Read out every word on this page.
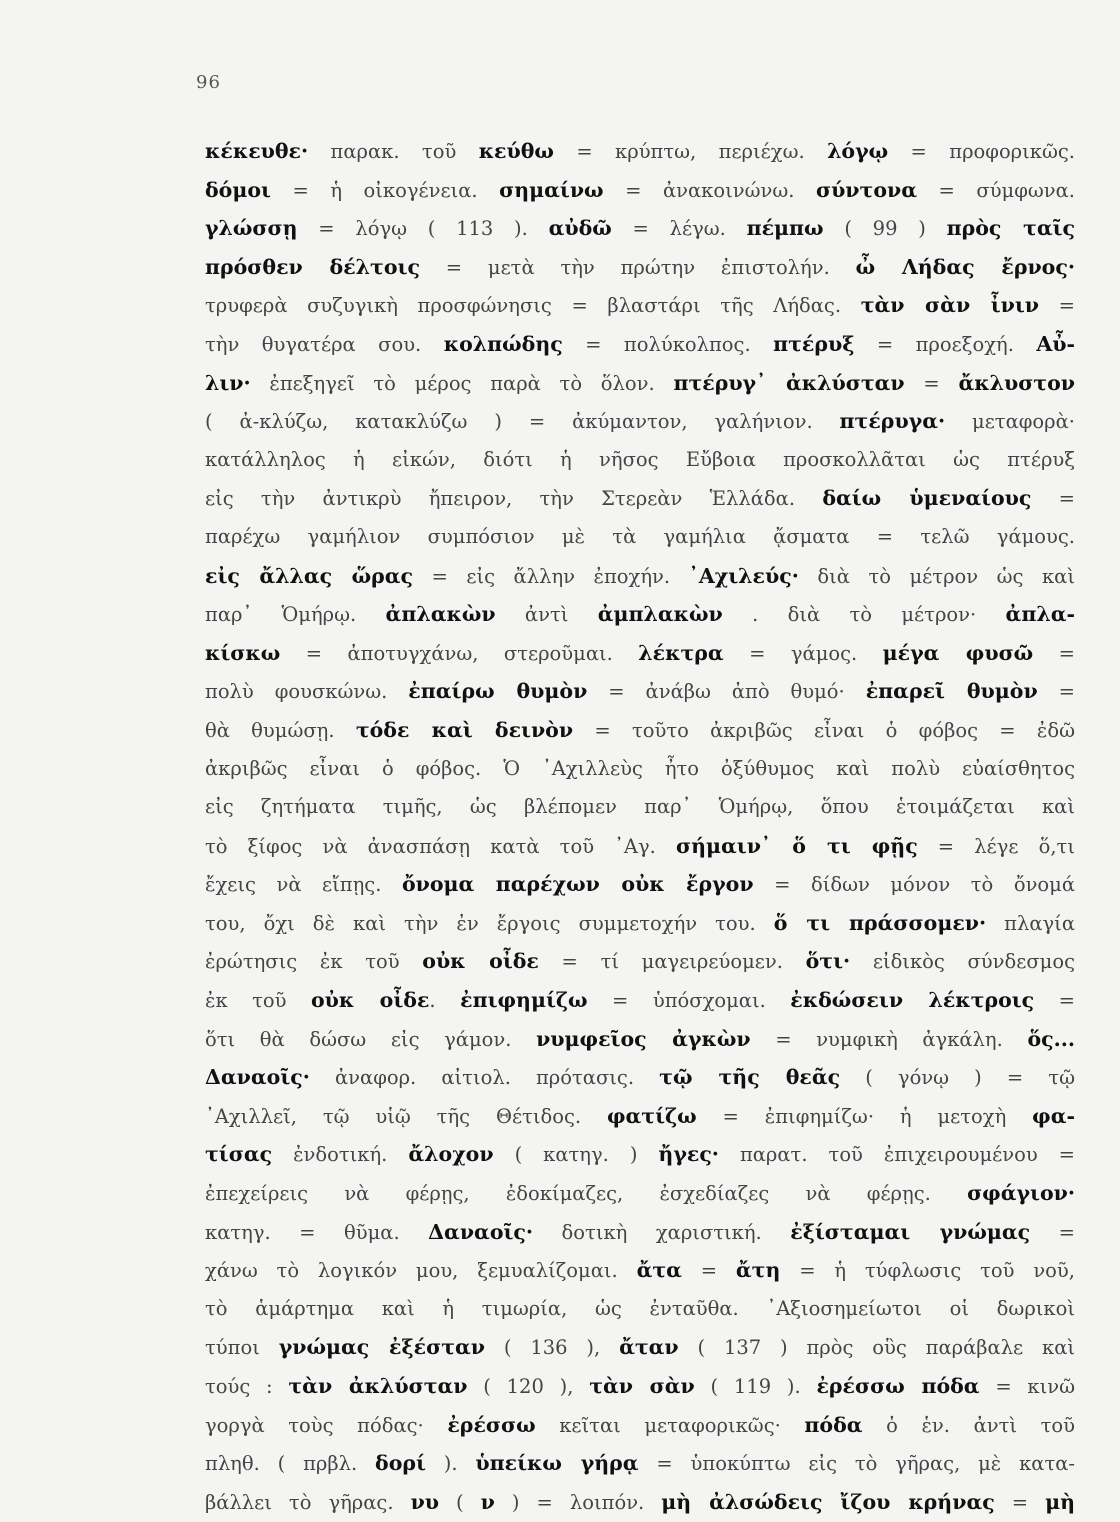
96
κέκευθε· παρακ. τοῦ κεύθω = κρύπτω, περιέχω. λόγῳ = προφορικῶς.
δόμοι = ἡ οἰκογένεια. σημαίνω = ἀνακοινώνω. σύντονα = σύμφωνα.
γλώσσῃ = λόγῳ ( 113 ). αὐδῶ = λέγω. πέμπω ( 99 ) πρὸς ταῖς
πρόσθεν δέλτοις = μετὰ τὴν πρώτην ἐπιστολήν. ὦ Λήδας ἔρνος·
τρυφερὰ συζυγικὴ προσφώνησις = βλαστάρι τῆς Λήδας. τὰν σὰν ἶνιν =
τὴν θυγατέρα σου. κολπώδης = πολύκολπος. πτέρυξ = προεξοχή. Αὖ-
λιν· ἐπεξηγεῖ τὸ μέρος παρὰ τὸ ὅλον. πτέρυγ᾽ ἀκλύσταν = ἄκλυστον
( ἀ-κλύζω, κατακλύζω ) = ἀκύμαντον, γαλήνιον. πτέρυγα· μεταφορὰ·
κατάλληλος ἡ εἰκών, διότι ἡ νῆσος Εὔβοια προσκολλᾶται ὡς πτέρυξ
εἰς τὴν ἀντικρὺ ἤπειρον, τὴν Στερεὰν Ἑλλάδα. δαίω ὑμεναίους =
παρέχω γαμήλιον συμπόσιον μὲ τὰ γαμήλια ᾄσματα = τελῶ γάμους.
εἰς ἄλλας ὥρας = εἰς ἄλλην ἐποχήν. ᾽Αχιλεύς· διὰ τὸ μέτρον ὡς καὶ
παρ᾽ Ὁμήρῳ. ἀπλακὼν ἀντὶ ἀμπλακὼν . διὰ τὸ μέτρον· ἀπλα-
κίσκω = ἀποτυγχάνω, στεροῦμαι. λέκτρα = γάμος. μέγα φυσῶ =
πολὺ φουσκώνω. ἐπαίρω θυμὸν = ἀνάβω ἀπὸ θυμό· ἐπαρεῖ θυμὸν =
θὰ θυμώσῃ. τόδε καὶ δεινὸν = τοῦτο ἀκριβῶς εἶναι ὁ φόβος = ἐδῶ
ἀκριβῶς εἶναι ὁ φόβος. Ὁ ᾽Αχιλλεὺς ἦτο ὀξύθυμος καὶ πολὺ εὐαίσθητος
εἰς ζητήματα τιμῆς, ὡς βλέπομεν παρ᾽ Ὁμήρῳ, ὅπου ἑτοιμάζεται καὶ
τὸ ξίφος νὰ ἀνασπάσῃ κατὰ τοῦ ᾽Αγ. σήμαιν᾽ ὅ τι φῇς = λέγε ὅ,τι
ἔχεις νὰ εἴπῃς. ὄνομα παρέχων οὐκ ἔργον = δίδων μόνον τὸ ὄνομά
του, ὄχι δὲ καὶ τὴν ἐν ἔργοις συμμετοχήν του. ὅ τι πράσσομεν· πλαγία
ἐρώτησις ἐκ τοῦ οὐκ οἶδε = τί μαγειρεύομεν. ὅτι· εἰδικὸς σύνδεσμος
ἐκ τοῦ οὐκ οἶδε. ἐπιφημίζω = ὑπόσχομαι. ἐκδώσειν λέκτροις =
ὅτι θὰ δώσω εἰς γάμον. νυμφεῖος ἀγκὼν = νυμφικὴ ἀγκάλη. ὅς...
Δαναοῖς· ἀναφορ. αἰτιολ. πρότασις. τῷ τῆς θεᾶς ( γόνῳ ) = τῷ
᾽Αχιλλεῖ, τῷ υἱῷ τῆς Θέτιδος. φατίζω = ἐπιφημίζω· ἡ μετοχὴ φα-
τίσας ἐνδοτική. ἄλοχον ( κατηγ. ) ἤγες· παρατ. τοῦ ἐπιχειρουμένου =
ἐπεχείρεις νὰ φέρῃς, ἐδοκίμαζες, ἐσχεδίαζες νὰ φέρῃς. σφάγιον·
κατηγ. = θῦμα. Δαναοῖς· δοτικὴ χαριστική. ἐξίσταμαι γνώμας =
χάνω τὸ λογικόν μου, ξεμυαλίζομαι. ἄτα = ἄτη = ἡ τύφλωσις τοῦ νοῦ,
τὸ ἁμάρτημα καὶ ἡ τιμωρία, ὡς ἐνταῦθα. ᾽Αξιοσημείωτοι οἱ δωρικοὶ
τύποι γνώμας ἐξέσταν ( 136 ), ἄταν ( 137 ) πρὸς οὓς παράβαλε καὶ
τούς : τὰν ἀκλύσταν ( 120 ), τὰν σὰν ( 119 ). ἐρέσσω πόδα = κινῶ
γοργὰ τοὺς πόδας· ἐρέσσω κεῖται μεταφορικῶς· πόδα ὁ ἑν. ἀντὶ τοῦ
πληθ. ( πρβλ. δορί ). ὑπείκω γήρᾳ = ὑποκύπτω εἰς τὸ γῆρας, μὲ κατα-
βάλλει τὸ γῆρας. νυ ( ν ) = λοιπόν. μὴ ἀλσώδεις ἴζου κρήνας = μὴ
